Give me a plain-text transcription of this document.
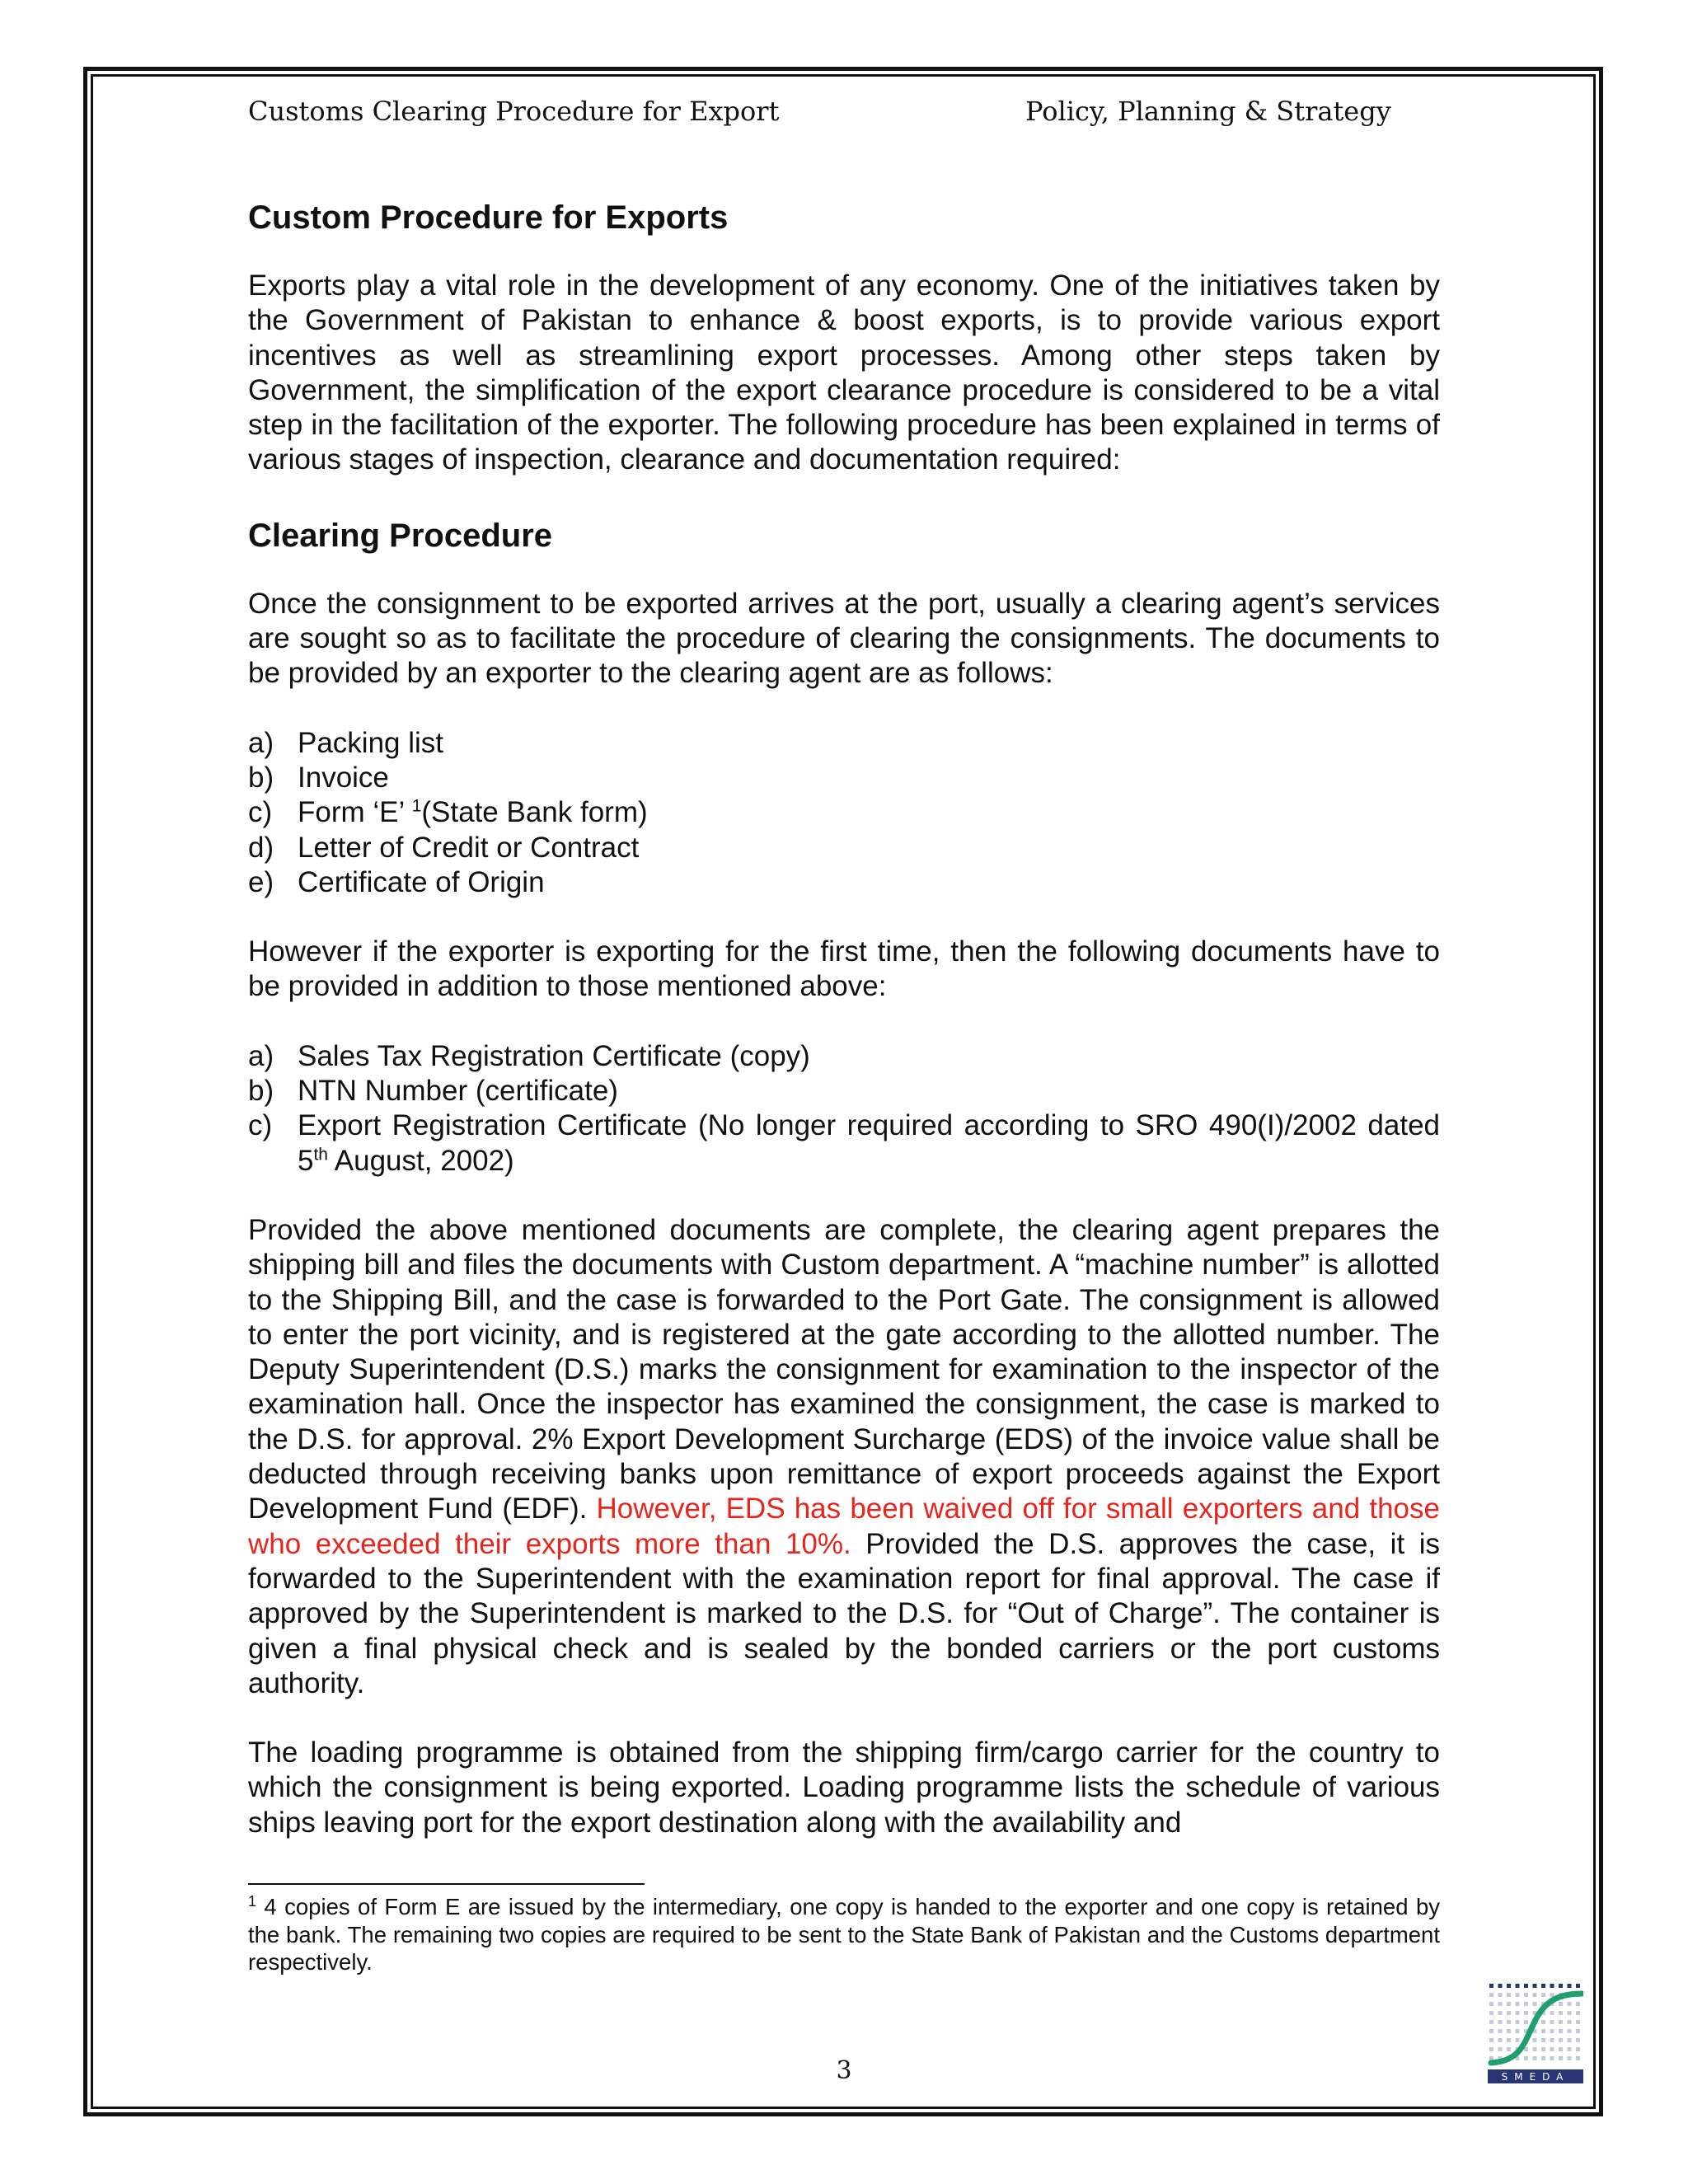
Customs Clearing Procedure for Export	Policy, Planning & Strategy
Custom Procedure for Exports

Exports play a vital role in the development of any economy. One of the initiatives taken by the Government of Pakistan to enhance & boost exports, is to provide various export incentives as well as streamlining export processes. Among other steps taken by Government, the simplification of the export clearance procedure is considered to be a vital step in the facilitation of the exporter. The following procedure has been explained in terms of various stages of inspection, clearance and documentation required:

Clearing Procedure

Once the consignment to be exported arrives at the port, usually a clearing agent’s services are sought so as to facilitate the procedure of clearing the consignments. The documents to be provided by an exporter to the clearing agent are as follows:

a) Packing list
b) Invoice
c) Form ‘E’ $^1$(State Bank form)
d) Letter of Credit or Contract
e) Certificate of Origin

However if the exporter is exporting for the first time, then the following documents have to be provided in addition to those mentioned above:

a) Sales Tax Registration Certificate (copy)
b) NTN Number (certificate)
c) Export Registration Certificate (No longer required according to SRO 490(I)/2002 dated 5th August, 2002)

Provided the above mentioned documents are complete, the clearing agent prepares the shipping bill and files the documents with Custom department. A “machine number” is allotted to the Shipping Bill, and the case is forwarded to the Port Gate. The consignment is allowed to enter the port vicinity, and is registered at the gate according to the allotted number. The Deputy Superintendent (D.S.) marks the consignment for examination to the inspector of the examination hall. Once the inspector has examined the consignment, the case is marked to the D.S. for approval. 2% Export Development Surcharge (EDS) of the invoice value shall be deducted through receiving banks upon remittance of export proceeds against the Export Development Fund (EDF). However, EDS has been waived off for small exporters and those who exceeded their exports more than 10%. Provided the D.S. approves the case, it is forwarded to the Superintendent with the examination report for final approval. The case if approved by the Superintendent is marked to the D.S. for “Out of Charge”. The container is given a final physical check and is sealed by the bonded carriers or the port customs authority.

The loading programme is obtained from the shipping firm/cargo carrier for the country to which the consignment is being exported. Loading programme lists the schedule of various ships leaving port for the export destination along with the availability and

$^1$ 4 copies of Form E are issued by the intermediary, one copy is handed to the exporter and one copy is retained by the bank. The remaining two copies are required to be sent to the State Bank of Pakistan and the Customs department respectively.
3	SMEDA
